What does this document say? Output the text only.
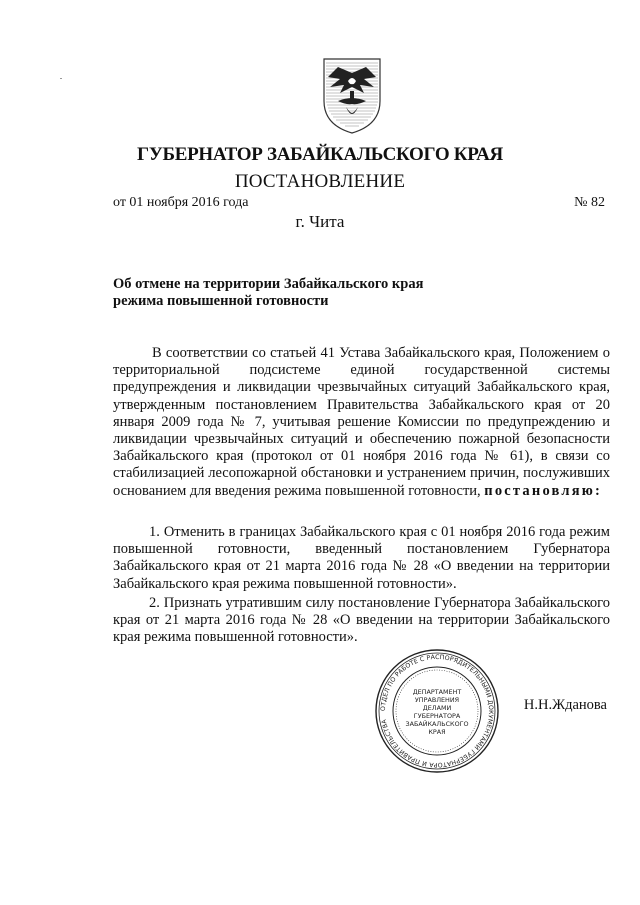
ГУБЕРНАТОР ЗАБАЙКАЛЬСКОГО КРАЯ
ПОСТАНОВЛЕНИЕ
от 01 ноября 2016 года	№ 82
г. Чита
Об отмене на территории Забайкальского края
режима повышенной готовности
В соответствии со статьей 41 Устава Забайкальского края, Положением о территориальной подсистеме единой государственной системы предупреждения и ликвидации чрезвычайных ситуаций Забайкальского края, утвержденным постановлением Правительства Забайкальского края от 20 января 2009 года № 7, учитывая решение Комиссии по предупреждению и ликвидации чрезвычайных ситуаций и обеспечению пожарной безопасности Забайкальского края (протокол от 01 ноября 2016 года № 61), в связи со стабилизацией лесопожарной обстановки и устранением причин, послуживших основанием для введения режима повышенной готовности, постановляю:
1. Отменить в границах Забайкальского края с 01 ноября 2016 года режим повышенной готовности, введенный постановлением Губернатора Забайкальского края от 21 марта 2016 года № 28 «О введении на территории Забайкальского края режима повышенной готовности».
2. Признать утратившим силу постановление Губернатора Забайкальского края от 21 марта 2016 года № 28 «О введении на территории Забайкальского края режима повышенной готовности».
ОТДЕЛ ПО РАБОТЕ С РАСПОРЯДИТЕЛЬНЫМИ ДОКУМЕНТАМИ ГУБЕРНАТОРА И ПРАВИТЕЛЬСТВА
ДЕПАРТАМЕНТ
УПРАВЛЕНИЯ
ДЕЛАМИ
ГУБЕРНАТОРА
ЗАБАЙКАЛЬСКОГО
КРАЯ
Н.Н.Жданова
